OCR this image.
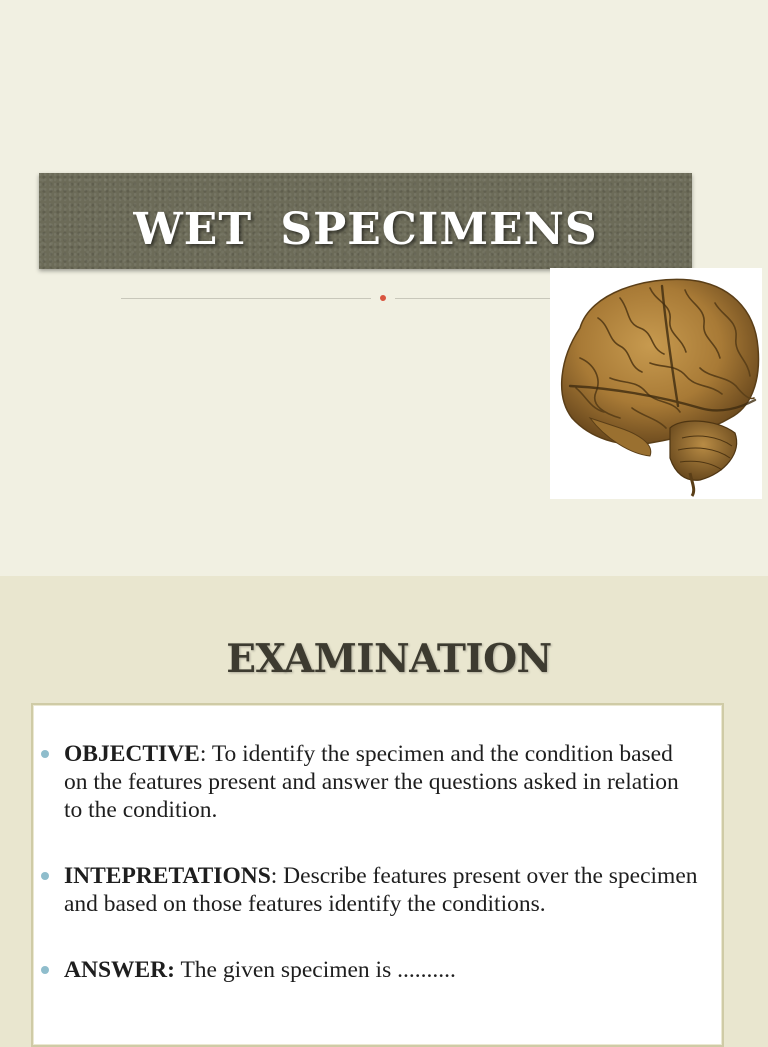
WET SPECIMENS
EXAMINATION
OBJECTIVE: To identify the specimen and the condition based on the features present and answer the questions asked in relation to the condition.
INTEPRETATIONS: Describe features present over the specimen and based on those features identify the conditions.
ANSWER: The given specimen is ..........
